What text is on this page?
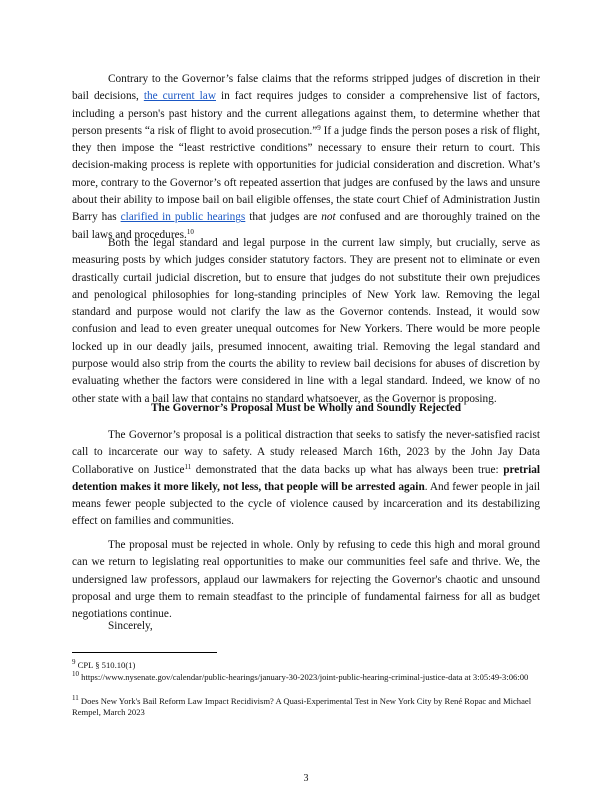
Contrary to the Governor’s false claims that the reforms stripped judges of discretion in their bail decisions, the current law in fact requires judges to consider a comprehensive list of factors, including a person's past history and the current allegations against them, to determine whether that person presents “a risk of flight to avoid prosecution.”$^9$ If a judge finds the person poses a risk of flight, they then impose the “least restrictive conditions” necessary to ensure their return to court. This decision-making process is replete with opportunities for judicial consideration and discretion. What’s more, contrary to the Governor’s oft repeated assertion that judges are confused by the laws and unsure about their ability to impose bail on bail eligible offenses, the state court Chief of Administration Justin Barry has clarified in public hearings that judges are not confused and are thoroughly trained on the bail laws and procedures.$^{10}$

Both the legal standard and legal purpose in the current law simply, but crucially, serve as measuring posts by which judges consider statutory factors. They are present not to eliminate or even drastically curtail judicial discretion, but to ensure that judges do not substitute their own prejudices and penological philosophies for long-standing principles of New York law. Removing the legal standard and purpose would not clarify the law as the Governor contends. Instead, it would sow confusion and lead to even greater unequal outcomes for New Yorkers. There would be more people locked up in our deadly jails, presumed innocent, awaiting trial. Removing the legal standard and purpose would also strip from the courts the ability to review bail decisions for abuses of discretion by evaluating whether the factors were considered in line with a legal standard. Indeed, we know of no other state with a bail law that contains no standard whatsoever, as the Governor is proposing.

The Governor’s Proposal Must be Wholly and Soundly Rejected

The Governor’s proposal is a political distraction that seeks to satisfy the never-satisfied racist call to incarcerate our way to safety. A study released March 16th, 2023 by the John Jay Data Collaborative on Justice$^{11}$ demonstrated that the data backs up what has always been true: pretrial detention makes it more likely, not less, that people will be arrested again. And fewer people in jail means fewer people subjected to the cycle of violence caused by incarceration and its destabilizing effect on families and communities.

The proposal must be rejected in whole. Only by refusing to cede this high and moral ground can we return to legislating real opportunities to make our communities feel safe and thrive. We, the undersigned law professors, applaud our lawmakers for rejecting the Governor's chaotic and unsound proposal and urge them to remain steadfast to the principle of fundamental fairness for all as budget negotiations continue.

Sincerely,

$^9$ CPL § 510.10(1)

$^{10}$ https://www.nysenate.gov/calendar/public-hearings/january-30-2023/joint-public-hearing-criminal-justice-data at 3:05:49-3:06:00

$^{11}$ Does New York's Bail Reform Law Impact Recidivism? A Quasi-Experimental Test in New York City by René Ropac and Michael Rempel, March 2023

3
